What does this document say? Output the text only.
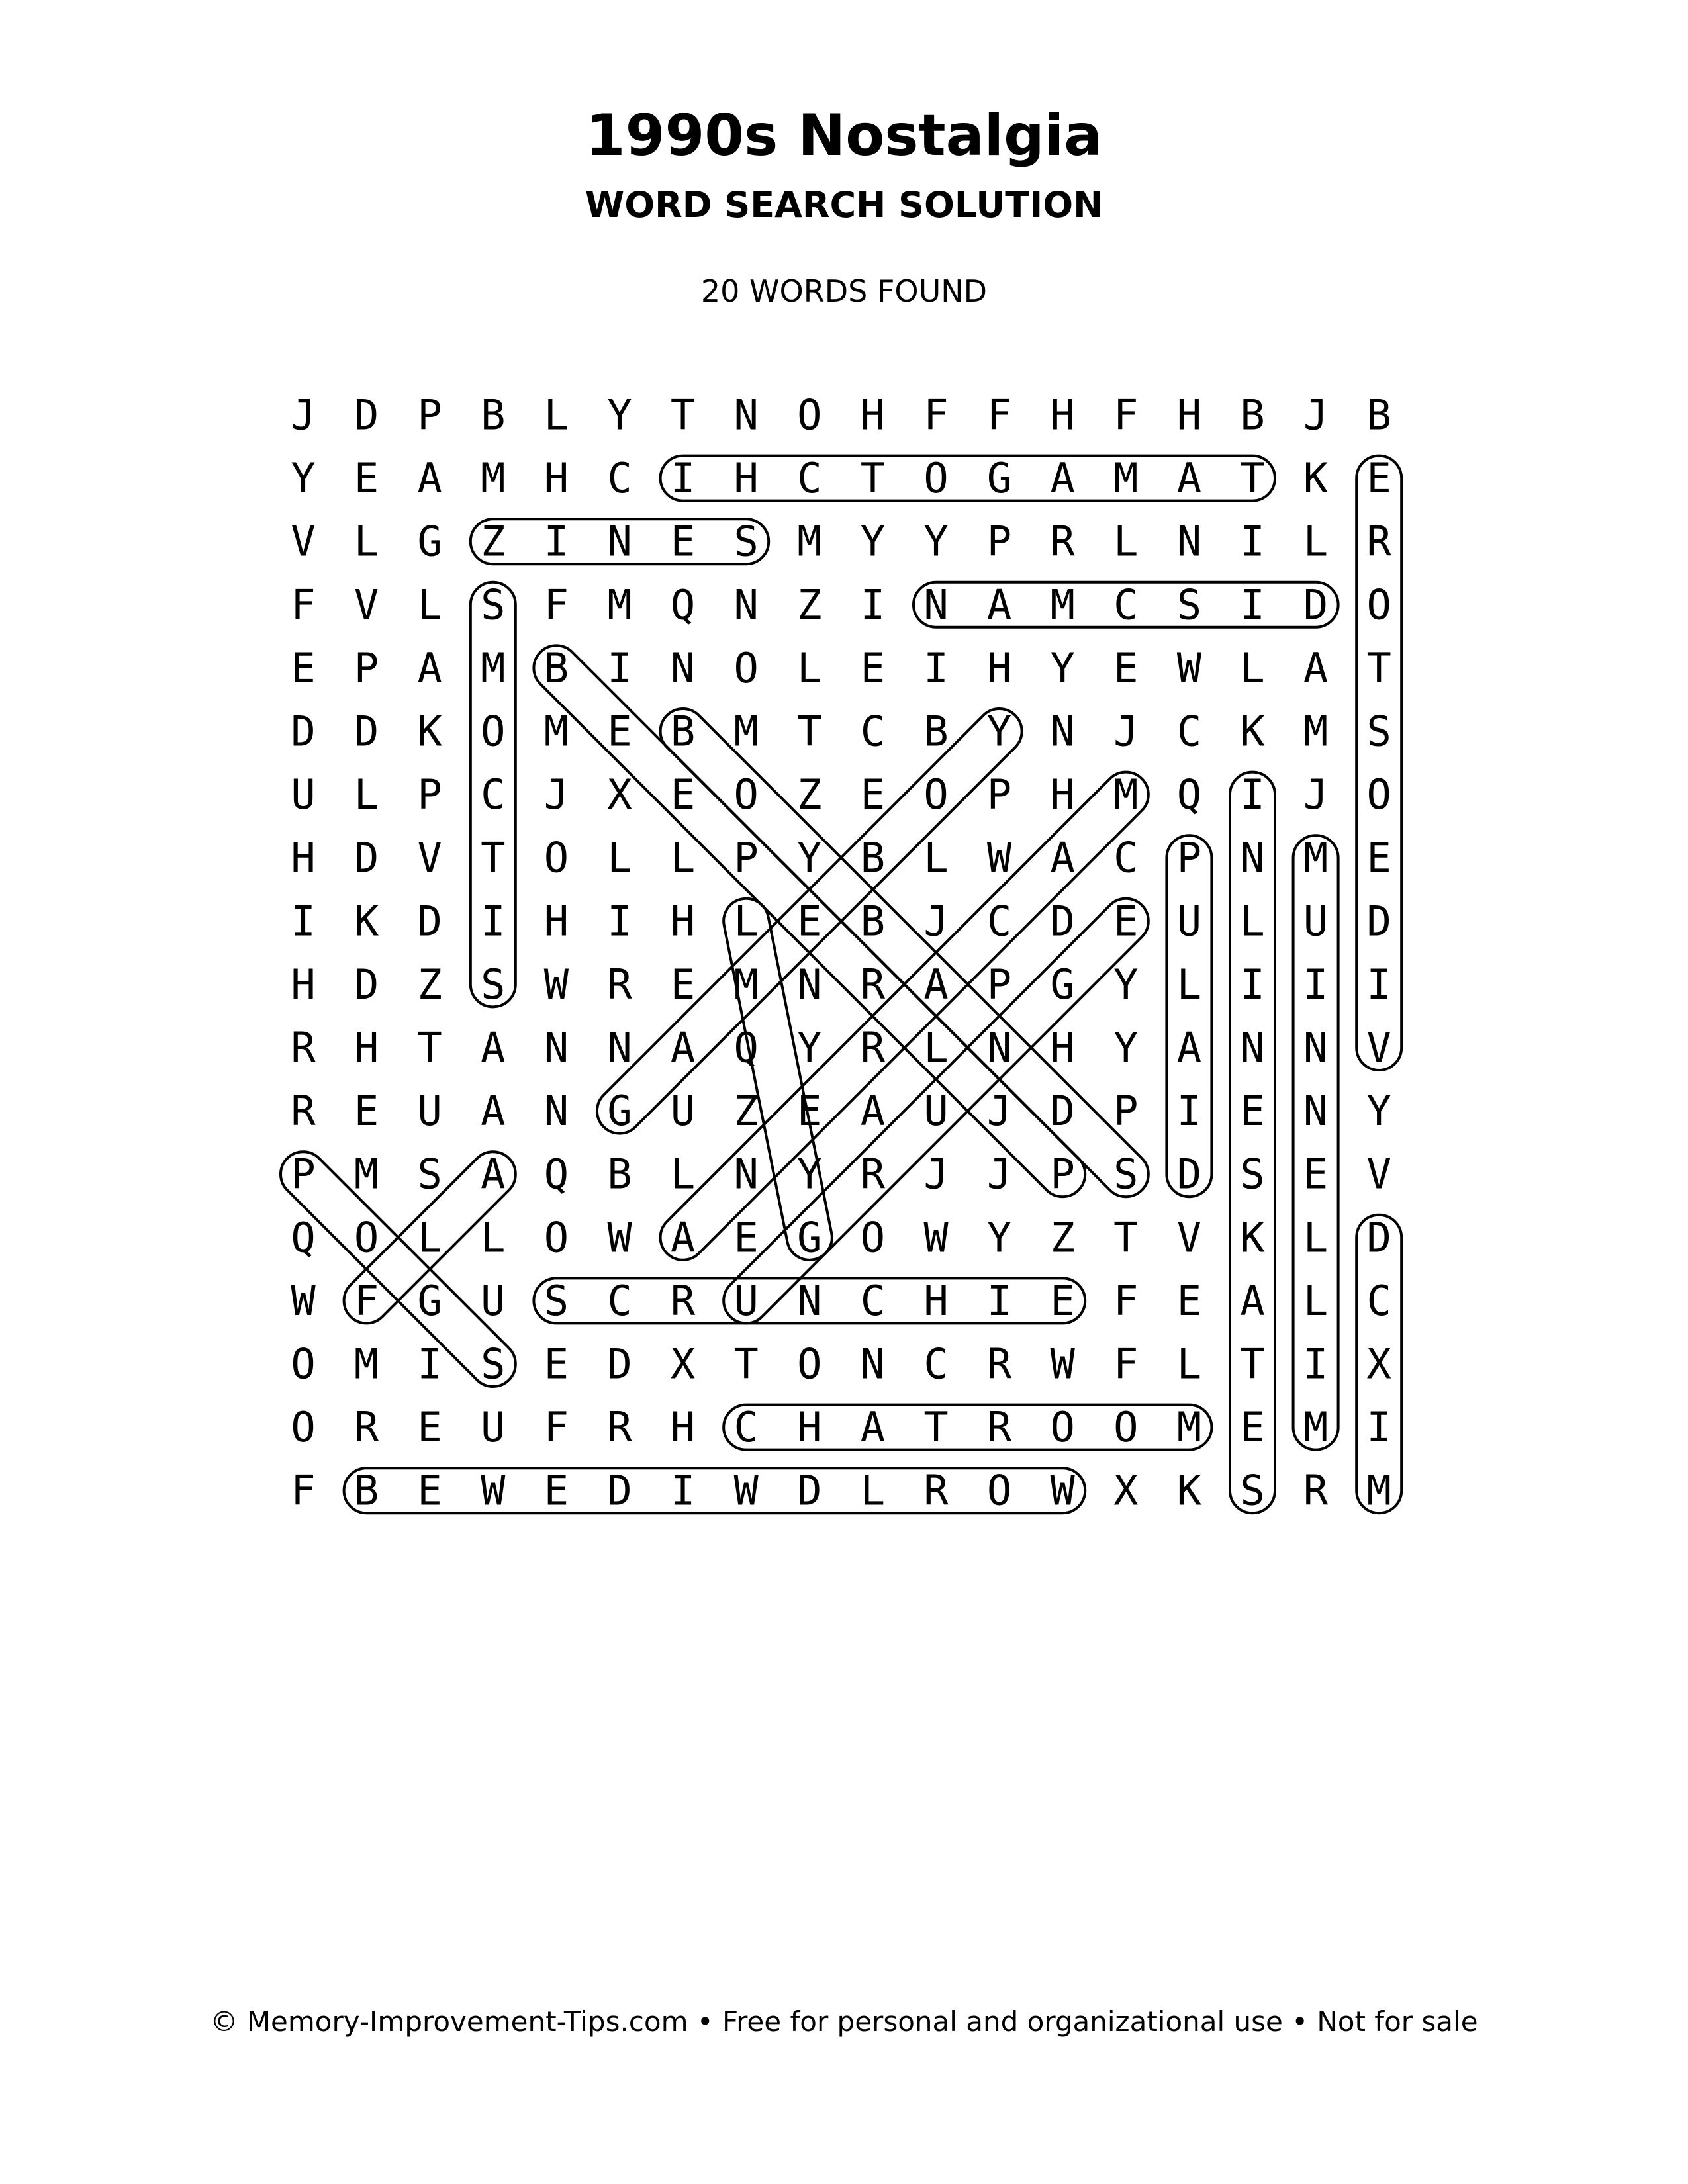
1990s Nostalgia
WORD SEARCH SOLUTION
20 WORDS FOUND
J D P B L Y T N O H F F H F H B J B
Y E A M H C I H C T O G A M A T K E
V L G Z I N E S M Y Y P R L N I L R
F V L S F M Q N Z I N A M C S I D O
E P A M B I N O L E I H Y E W L A T
D D K O M E B M T C B Y N J C K M S
U L P C J X E O Z E O P H M Q I J O
H D V T O L L P Y B L W A C P N M E
I K D I H I H L E B J C D E U L U D
H D Z S W R E M N R A P G Y L I I I
R H T A N N A Q Y R L N H Y A N N V
R E U A N G U Z E A U J D P I E N Y
P M S A Q B L N Y R J J P S D S E V
Q O L L O W A E G O W Y Z T V K L D
W F G U S C R U N C H I E F E A L C
O M I S E D X T O N C R W F L T I X
O R E U F R H C H A T R O O M E M I
F B E W E D I W D L R O W X K S R M
© Memory-Improvement-Tips.com • Free for personal and organizational use • Not for sale
